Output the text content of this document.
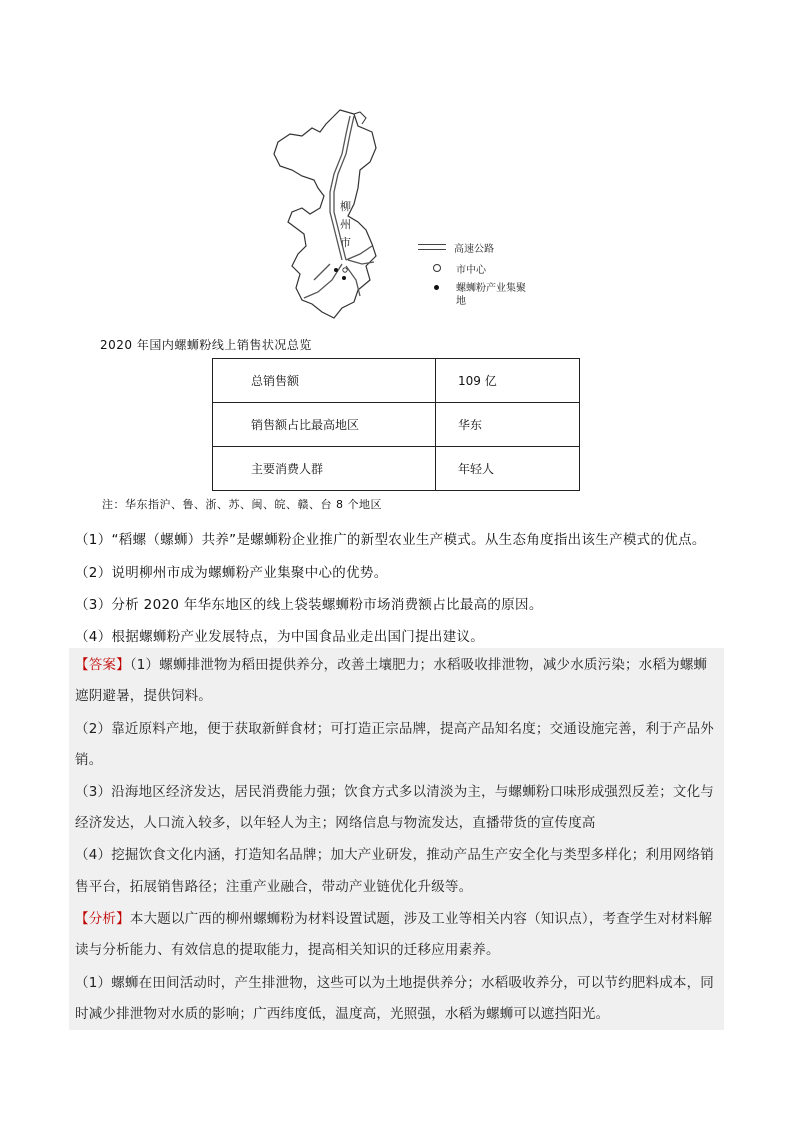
柳
州
市
高速公路
市中心
螺蛳粉产业集聚地
2020 年国内螺蛳粉线上销售状况总览
总销售额	109 亿
销售额占比最高地区	华东
主要消费人群	年轻人
注：华东指沪、鲁、浙、苏、闽、皖、赣、台 8 个地区
（1）“稻螺（螺蛳）共养”是螺蛳粉企业推广的新型农业生产模式。从生态角度指出该生产模式的优点。
（2）说明柳州市成为螺蛳粉产业集聚中心的优势。
（3）分析 2020 年华东地区的线上袋装螺蛳粉市场消费额占比最高的原因。
（4）根据螺蛳粉产业发展特点，为中国食品业走出国门提出建议。
【答案】（1）螺蛳排泄物为稻田提供养分，改善土壤肥力；水稻吸收排泄物，减少水质污染；水稻为螺蛳
遮阴避暑，提供饲料。
（2）靠近原料产地，便于获取新鲜食材；可打造正宗品牌，提高产品知名度；交通设施完善，利于产品外
销。
（3）沿海地区经济发达，居民消费能力强；饮食方式多以清淡为主，与螺蛳粉口味形成强烈反差；文化与
经济发达，人口流入较多，以年轻人为主；网络信息与物流发达，直播带货的宣传度高
（4）挖掘饮食文化内涵，打造知名品牌；加大产业研发，推动产品生产安全化与类型多样化；利用网络销
售平台，拓展销售路径；注重产业融合，带动产业链优化升级等。
【分析】本大题以广西的柳州螺蛳粉为材料设置试题，涉及工业等相关内容（知识点），考查学生对材料解
读与分析能力、有效信息的提取能力，提高相关知识的迁移应用素养。
（1）螺蛳在田间活动时，产生排泄物，这些可以为土地提供养分；水稻吸收养分，可以节约肥料成本，同
时减少排泄物对水质的影响；广西纬度低，温度高，光照强，水稻为螺蛳可以遮挡阳光。
